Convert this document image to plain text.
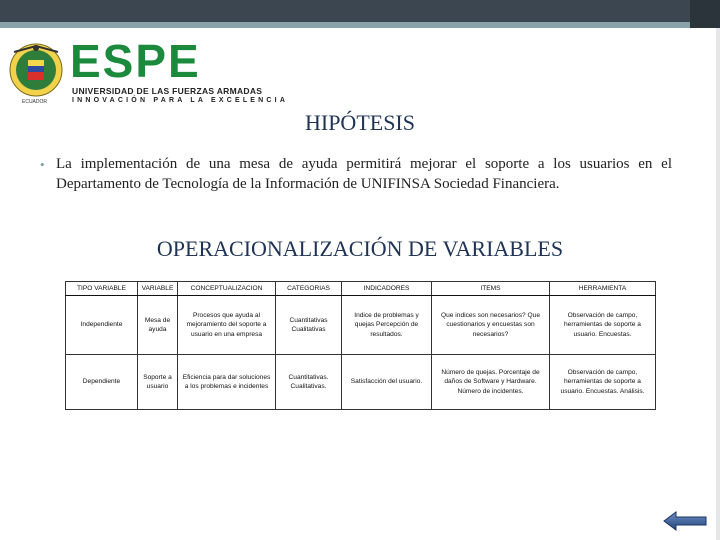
ECUADOR
ESPE
UNIVERSIDAD DE LAS FUERZAS ARMADAS
INNOVACIÓN PARA LA EXCELENCIA
HIPÓTESIS
• La implementación de una mesa de ayuda permitirá mejorar el soporte a los usuarios en el Departamento de Tecnología de la Información de UNIFINSA Sociedad Financiera.
OPERACIONALIZACIÓN DE VARIABLES
TIPO VARIABLE	VARIABLE	CONCEPTUALIZACION	CATEGORIAS	INDICADORES	ITEMS	HERRAMIENTA
Independiente	Mesa de ayuda	Procesos que ayuda al mejoramiento del soporte a usuario en una empresa	Cuantitativas Cualitativas	Indice de problemas y quejas Percepción de resultados.	Que indices son necesarios? Que cuestionarios y encuestas son necesarios?	Observación de campo, herramientas de soporte a usuario. Encuestas.
Dependiente	Soporte a usuario	Eficiencia para dar soluciones a los problemas e incidentes	Cuantitativas. Cualitativas.	Satisfacción del usuario.	Número de quejas. Porcentaje de daños de Software y Hardware. Número de incidentes.	Observación de campo, herramientas de soporte a usuario. Encuestas. Análisis.
